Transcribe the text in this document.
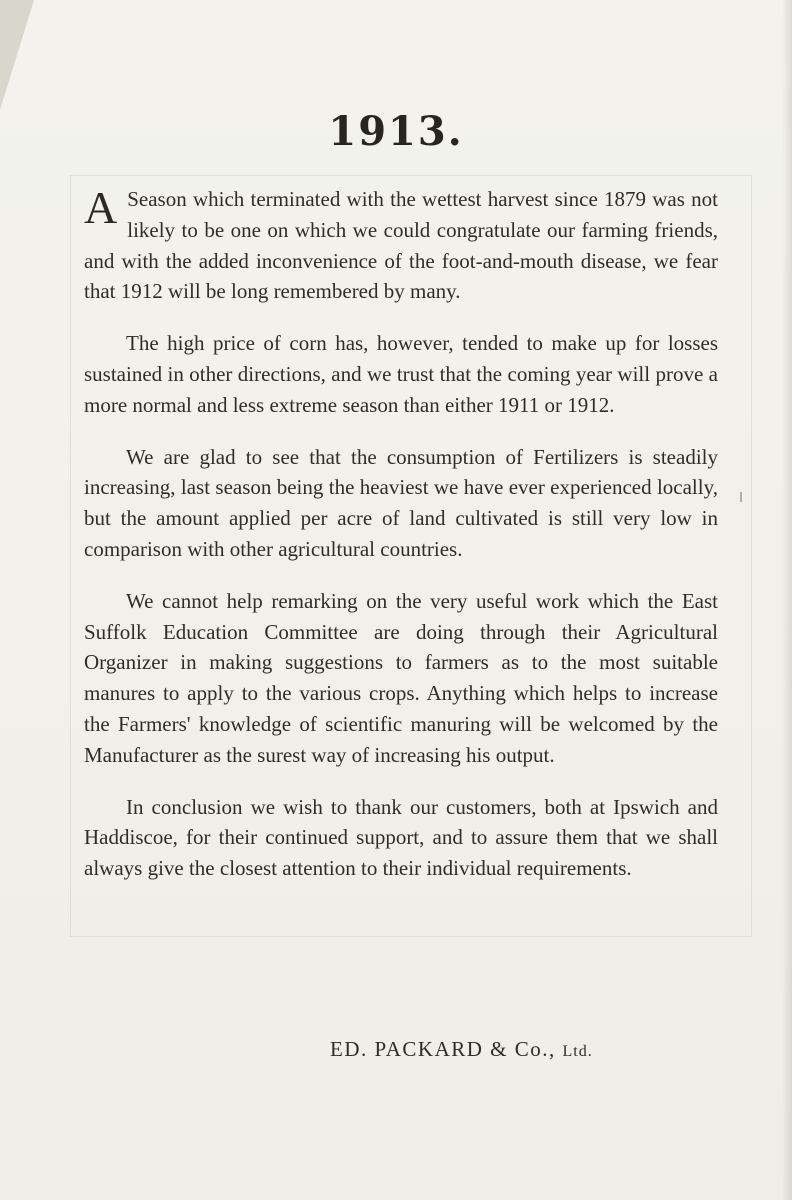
1913.

A Season which terminated with the wettest harvest since 1879 was not likely to be one on which we could congratulate our farming friends, and with the added inconvenience of the foot-and-mouth disease, we fear that 1912 will be long remembered by many.

The high price of corn has, however, tended to make up for losses sustained in other directions, and we trust that the coming year will prove a more normal and less extreme season than either 1911 or 1912.

We are glad to see that the consumption of Fertilizers is steadily increasing, last season being the heaviest we have ever experienced locally, but the amount applied per acre of land cultivated is still very low in comparison with other agricultural countries.

We cannot help remarking on the very useful work which the East Suffolk Education Committee are doing through their Agricultural Organizer in making suggestions to farmers as to the most suitable manures to apply to the various crops. Anything which helps to increase the Farmers' knowledge of scientific manuring will be welcomed by the Manufacturer as the surest way of increasing his output.

In conclusion we wish to thank our customers, both at Ipswich and Haddiscoe, for their continued support, and to assure them that we shall always give the closest attention to their individual requirements.

ED. PACKARD & Co., Ltd.
